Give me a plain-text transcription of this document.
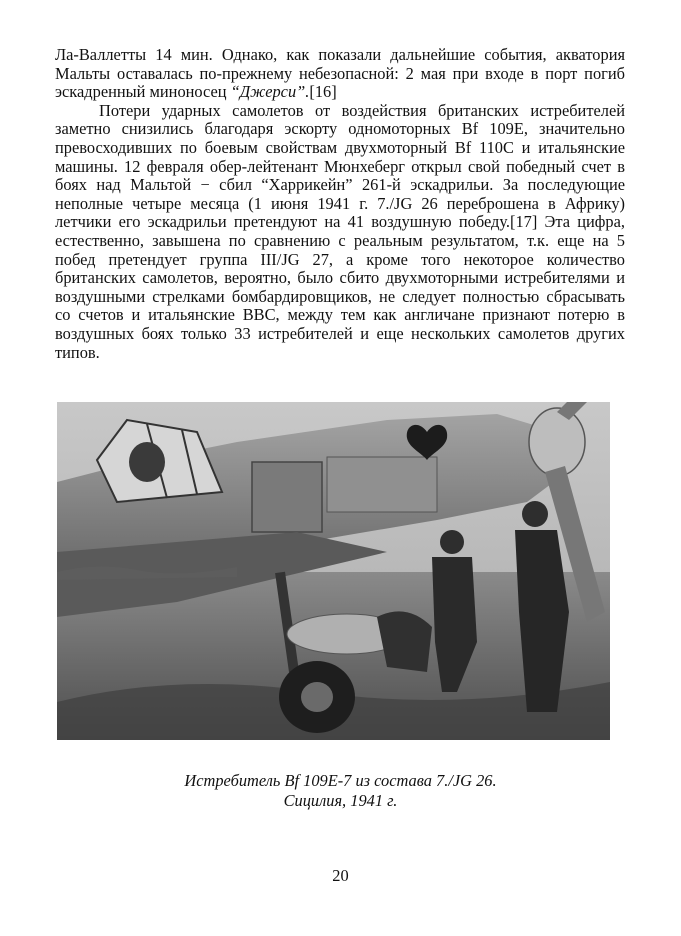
Ла-Валлетты 14 мин. Однако, как показали дальнейшие события, акватория Мальты оставалась по-прежнему небезопасной: 2 мая при входе в порт погиб эскадренный миноносец “Джерси”.[16]

Потери ударных самолетов от воздействия британских истребителей заметно снизились благодаря эскорту одномоторных Bf 109E, значительно превосходивших по боевым свойствам двухмоторный Bf 110C и итальянские машины. 12 февраля обер-лейтенант Мюнхеберг открыл свой победный счет в боях над Мальтой − сбил “Харрикейн” 261-й эскадрильи. За последующие неполные четыре месяца (1 июня 1941 г. 7./JG 26 переброшена в Африку) летчики его эскадрильи претендуют на 41 воздушную победу.[17] Эта цифра, естественно, завышена по сравнению с реальным результатом, т.к. еще на 5 побед претендует группа III/JG 27, а кроме того некоторое количество британских самолетов, вероятно, было сбито двухмоторными истребителями и воздушными стрелками бомбардировщиков, не следует полностью сбрасывать со счетов и итальянские ВВС, между тем как англичане признают потерю в воздушных боях только 33 истребителей и еще нескольких самолетов других типов.

Истребитель Bf 109E-7 из состава 7./JG 26.
Сицилия, 1941 г.
20
